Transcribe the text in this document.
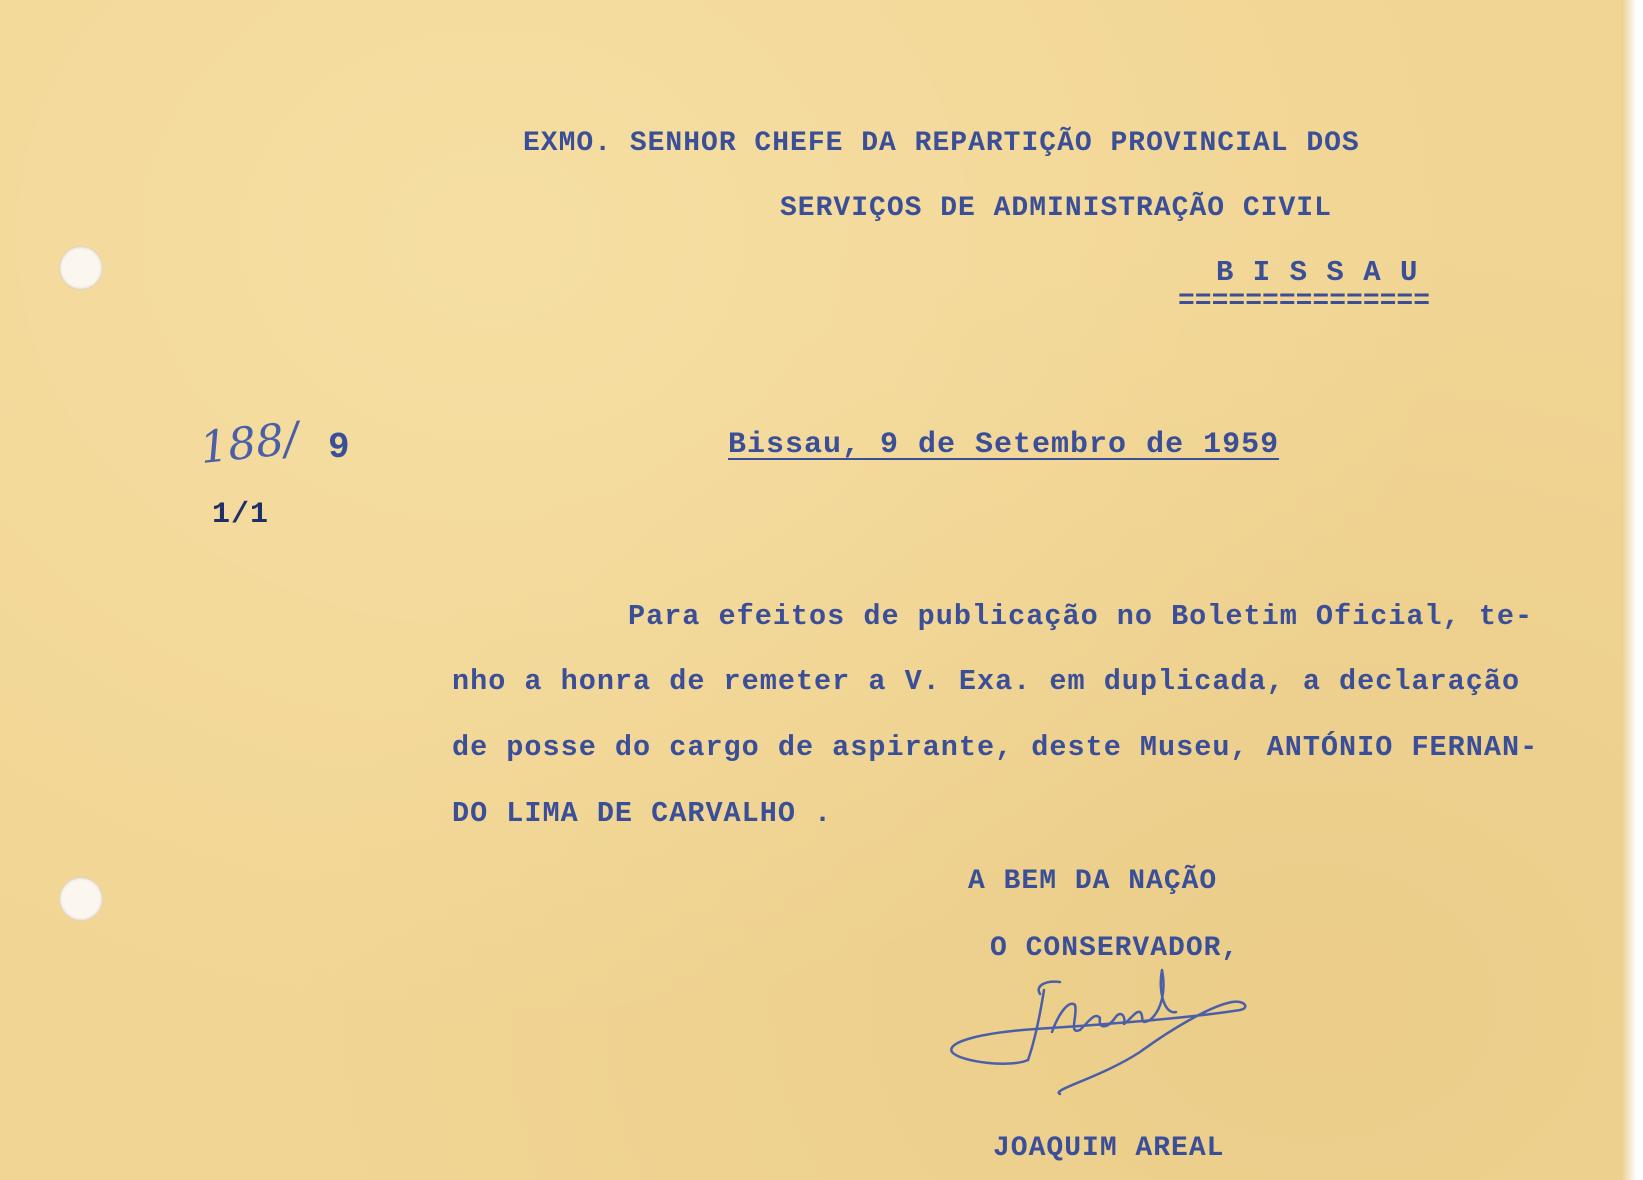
EXMO. SENHOR CHEFE DA REPARTIÇÃO PROVINCIAL DOS
SERVIÇOS DE ADMINISTRAÇÃO CIVIL
B I S S A U
===============
188/ 9
1/1
Bissau, 9 de Setembro de 1959
Para efeitos de publicação no Boletim Oficial, te-
nho a honra de remeter a V. Exa. em duplicada, a declaração
de posse do cargo de aspirante, deste Museu, ANTÓNIO FERNAN-
DO LIMA DE CARVALHO .
A BEM DA NAÇÃO
O CONSERVADOR,
JOAQUIM AREAL
